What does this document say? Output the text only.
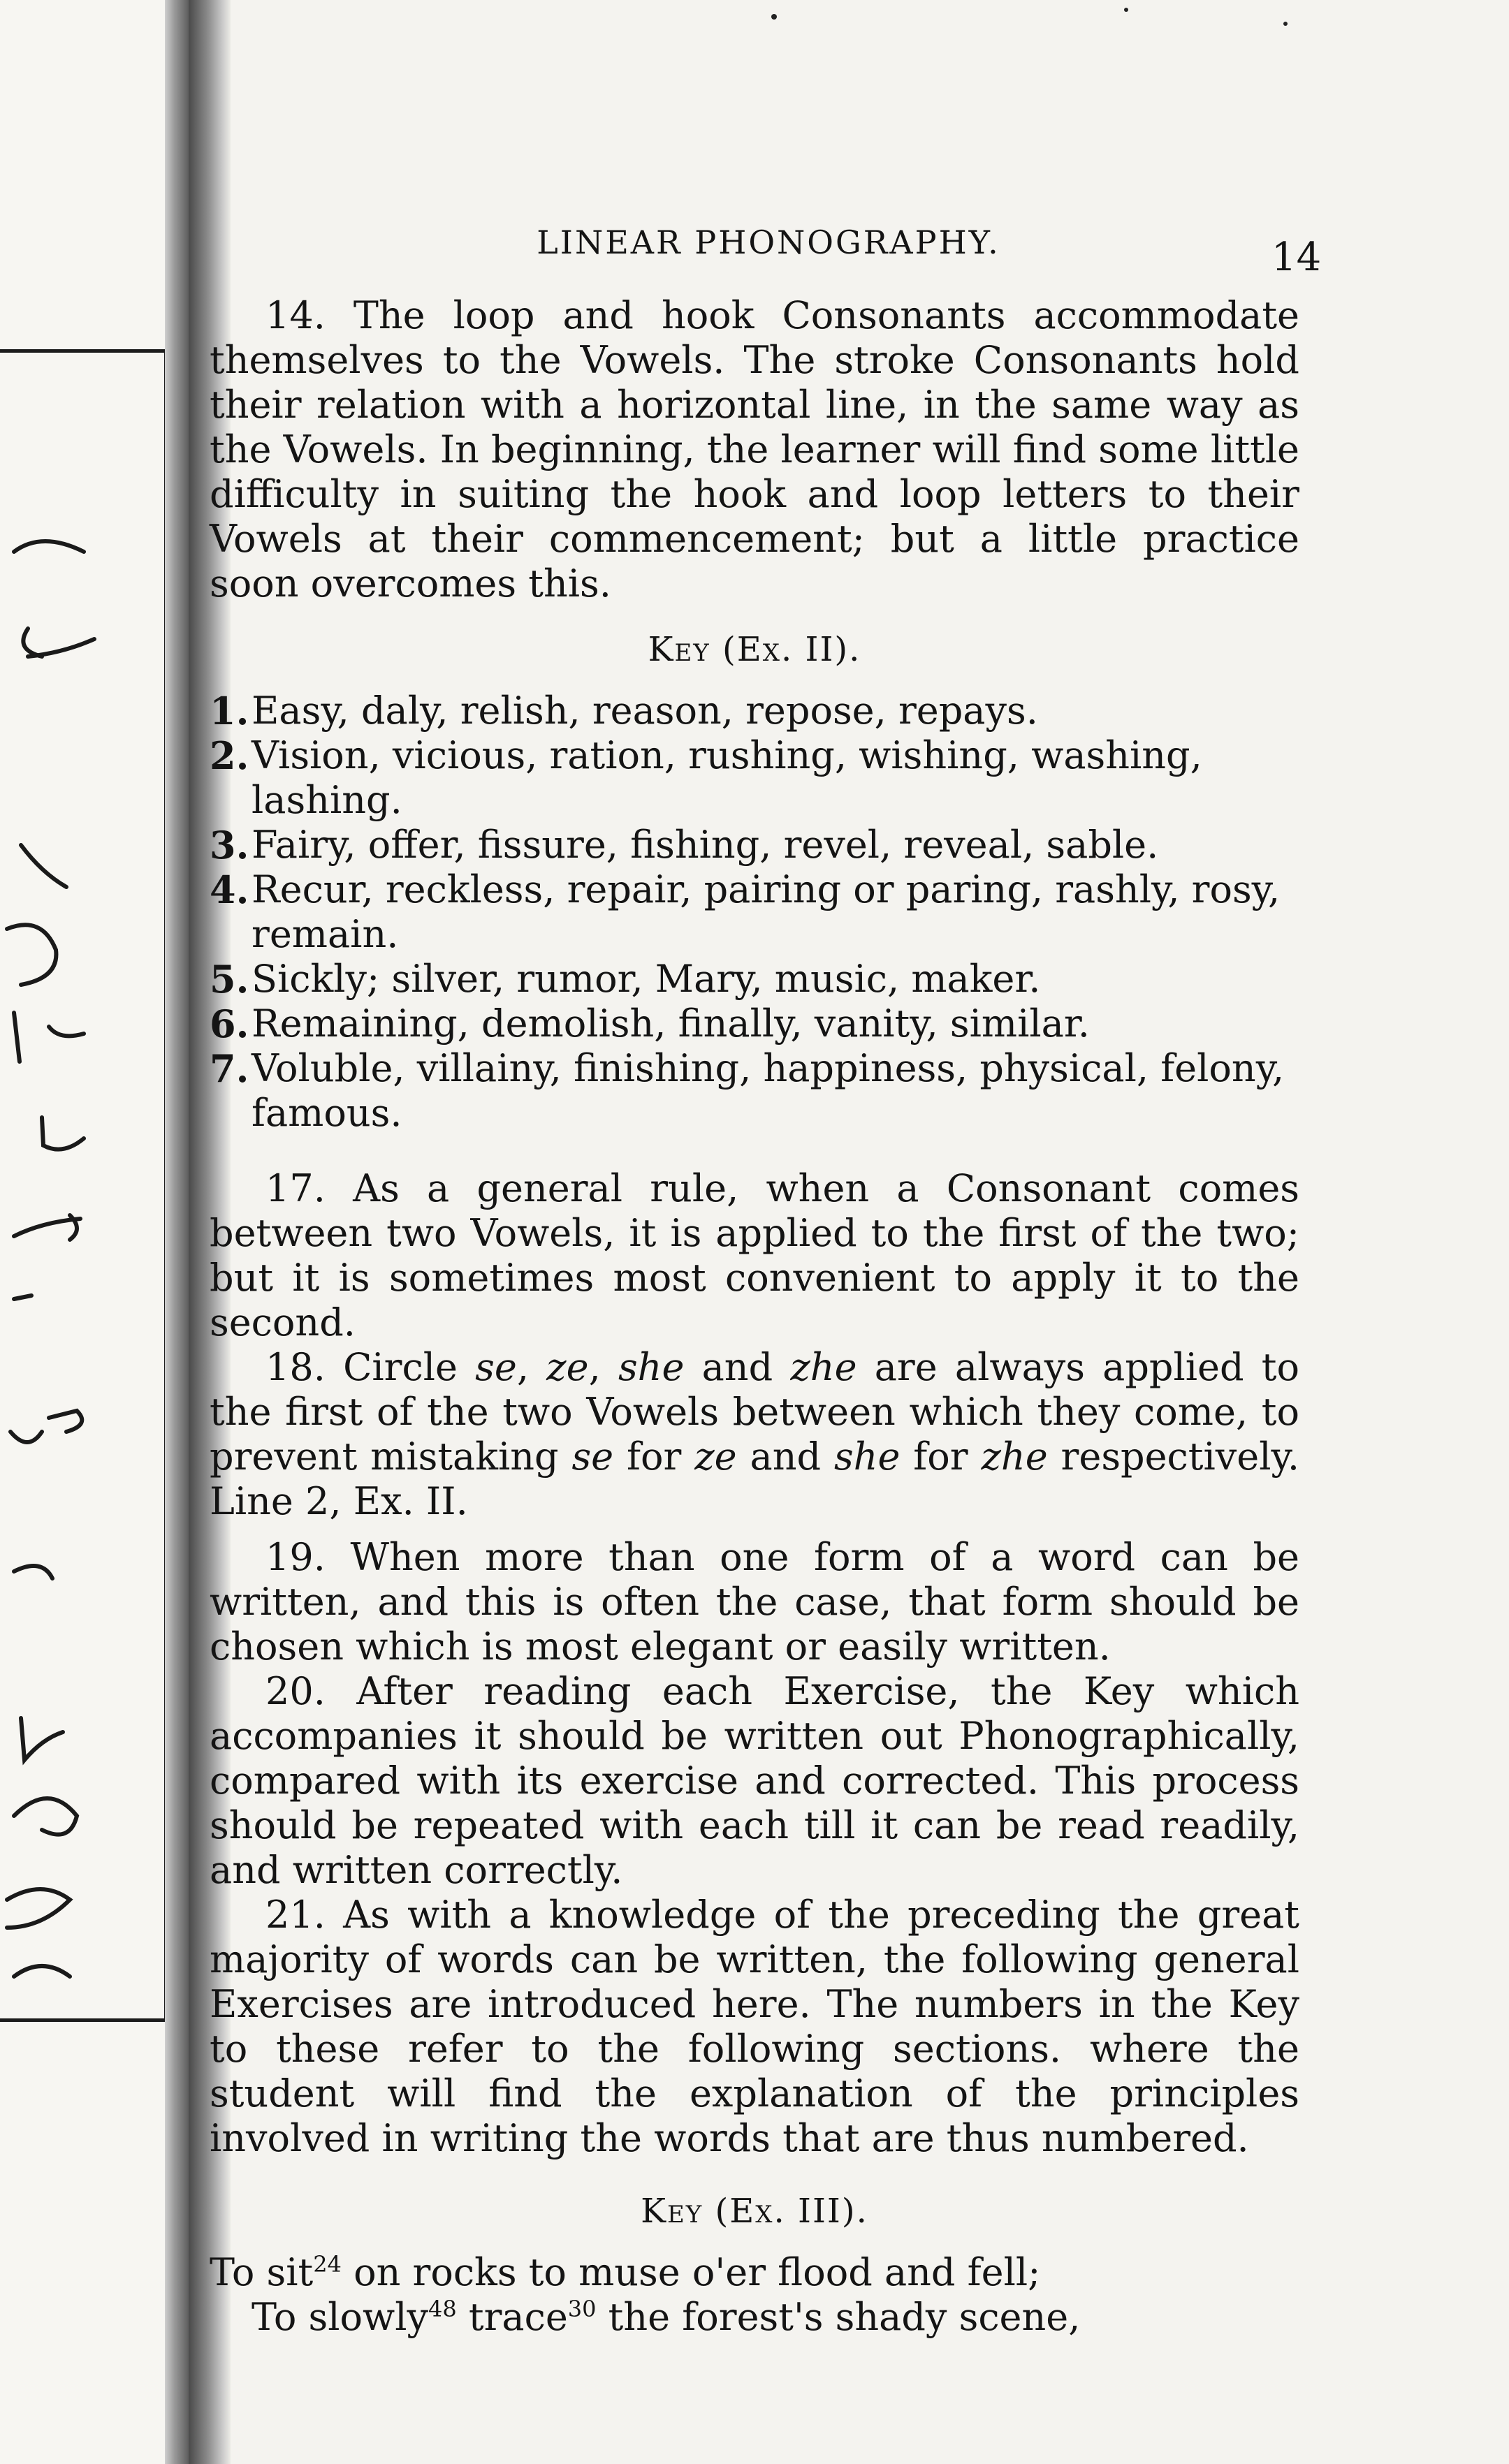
LINEAR PHONOGRAPHY.	14

14. The loop and hook Consonants accommodate themselves to the Vowels. The stroke Consonants hold their relation with a horizontal line, in the same way as the Vowels. In beginning, the learner will find some little difficulty in suiting the hook and loop letters to their Vowels at their commencement; but a little practice soon overcomes this.

Key (Ex. II).
1. Easy, daly, relish, reason, repose, repays.
2. Vision, vicious, ration, rushing, wishing, washing, lashing.
3. Fairy, offer, fissure, fishing, revel, reveal, sable.
4. Recur, reckless, repair, pairing or paring, rashly, rosy, remain.
5. Sickly; silver, rumor, Mary, music, maker.
6. Remaining, demolish, finally, vanity, similar.
7. Voluble, villainy, finishing, happiness, physical, felony, famous.

17. As a general rule, when a Consonant comes between two Vowels, it is applied to the first of the two; but it is sometimes most convenient to apply it to the second.

18. Circle se, ze, she and zhe are always applied to the first of the two Vowels between which they come, to prevent mistaking se for ze and she for zhe respectively. Line 2, Ex. II.

19. When more than one form of a word can be written, and this is often the case, that form should be chosen which is most elegant or easily written.

20. After reading each Exercise, the Key which accompanies it should be written out Phonographically, compared with its exercise and corrected. This process should be repeated with each till it can be read readily, and written correctly.

21. As with a knowledge of the preceding the great majority of words can be written, the following general Exercises are introduced here. The numbers in the Key to these refer to the following sections. where the student will find the explanation of the principles involved in writing the words that are thus numbered.

Key (Ex. III).

To sit$^{24}$ on rocks to muse o'er flood and fell;

To slowly$^{48}$ trace$^{30}$ the forest's shady scene,
